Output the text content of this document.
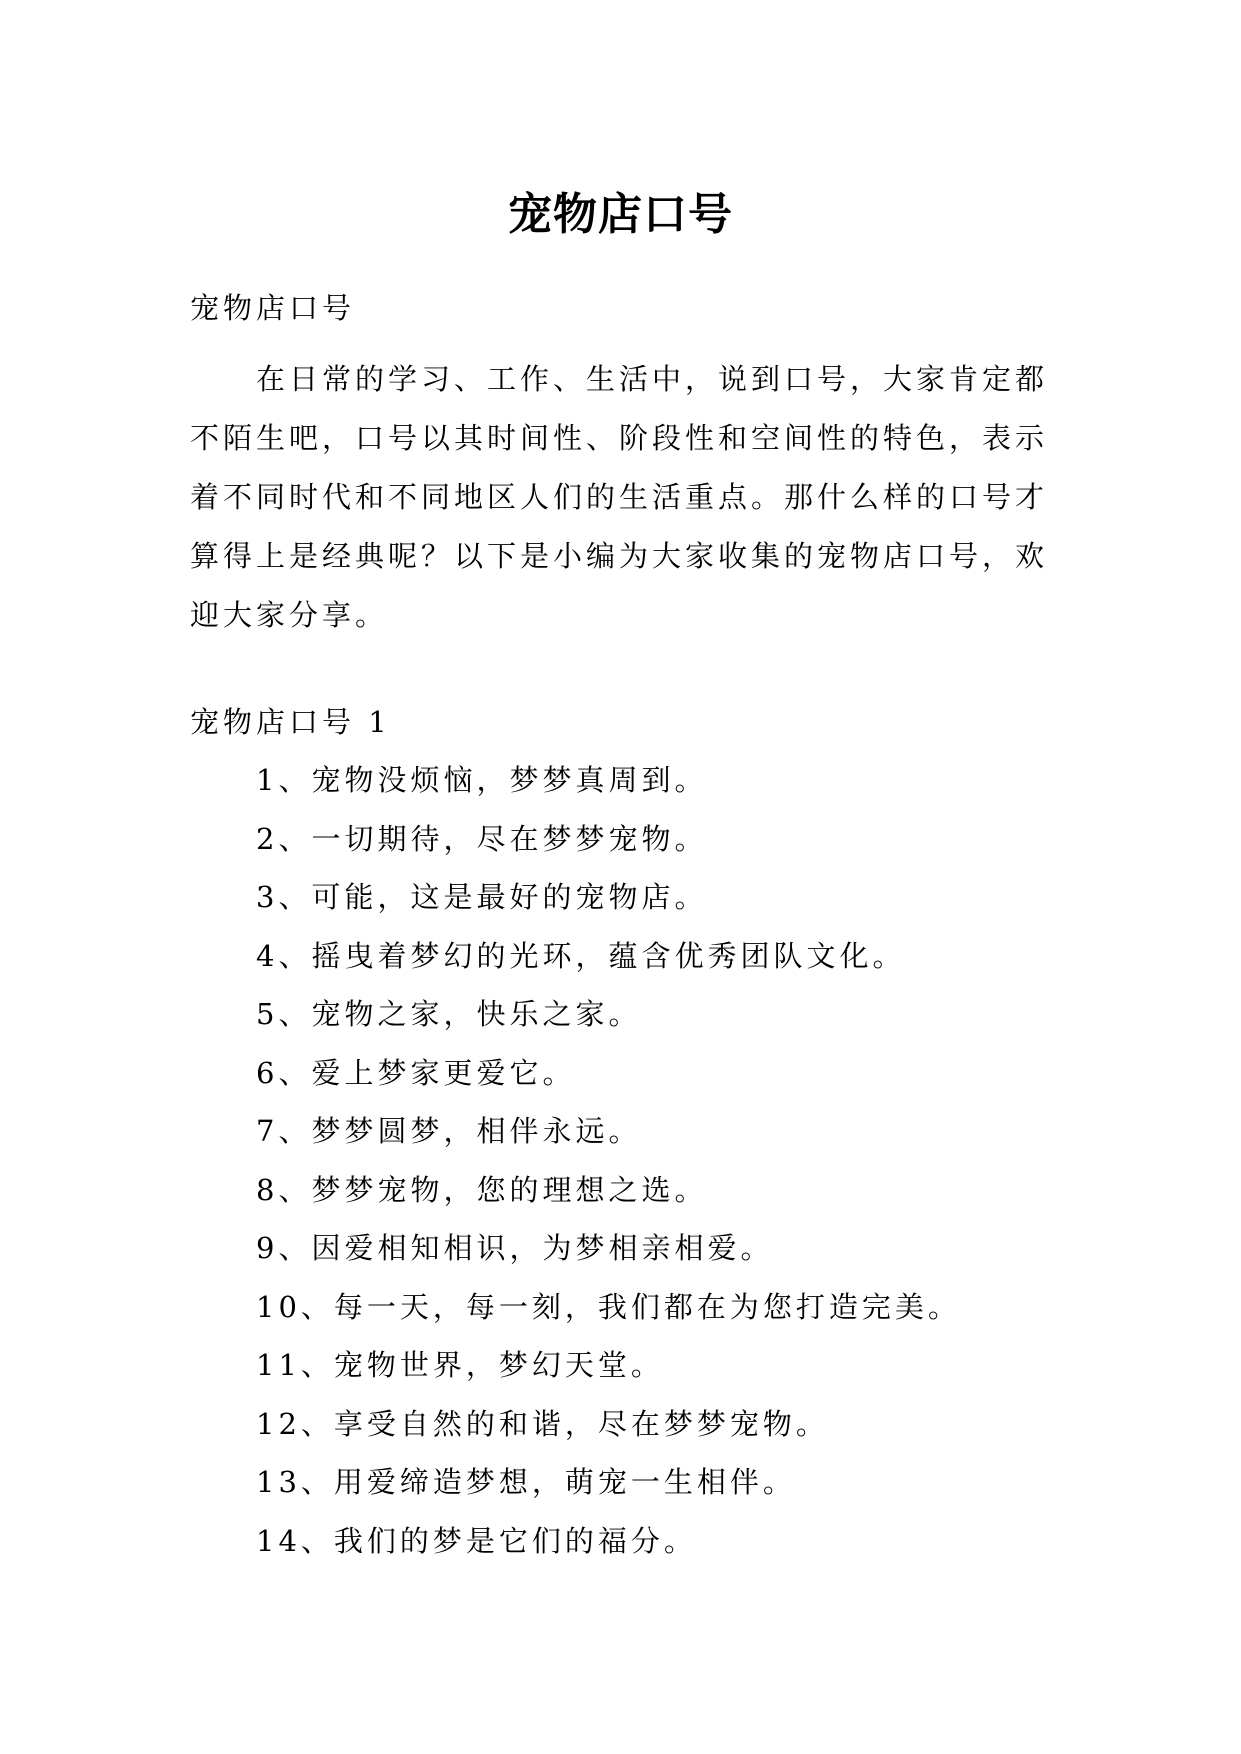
宠物店口号

宠物店口号

在日常的学习、工作、生活中，说到口号，大家肯定都不陌生吧，口号以其时间性、阶段性和空间性的特色，表示着不同时代和不同地区人们的生活重点。那什么样的口号才算得上是经典呢？以下是小编为大家收集的宠物店口号，欢迎大家分享。

宠物店口号 1

1、宠物没烦恼，梦梦真周到。
2、一切期待，尽在梦梦宠物。
3、可能，这是最好的宠物店。
4、摇曳着梦幻的光环，蕴含优秀团队文化。
5、宠物之家，快乐之家。
6、爱上梦家更爱它。
7、梦梦圆梦，相伴永远。
8、梦梦宠物，您的理想之选。
9、因爱相知相识，为梦相亲相爱。
10、每一天，每一刻，我们都在为您打造完美。
11、宠物世界，梦幻天堂。
12、享受自然的和谐，尽在梦梦宠物。
13、用爱缔造梦想，萌宠一生相伴。
14、我们的梦是它们的福分。
